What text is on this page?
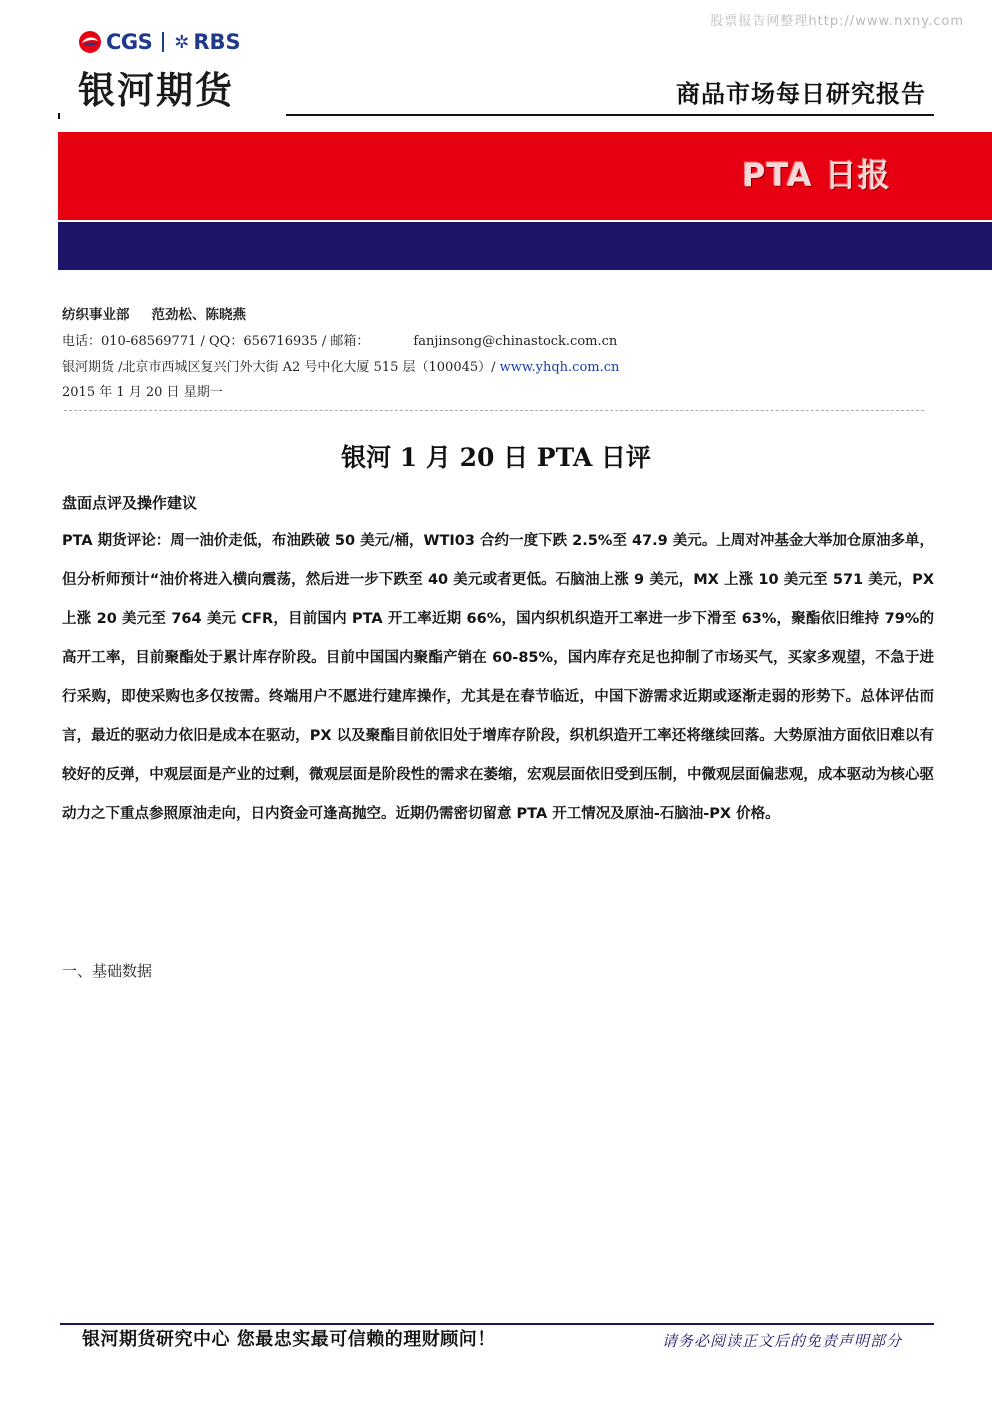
股票报告网整理http://www.nxny.com
CGS ✲ RBS
银河期货	商品市场每日研究报告
PTA 日报
纺织事业部 范劲松、陈晓燕
电话：010-68569771 / QQ：656716935 / 邮箱：	fanjinsong@chinastock.com.cn
银河期货 /北京市西城区复兴门外大街 A2 号中化大厦 515 层（100045）/ www.yhqh.com.cn
2015 年 1 月 20 日 星期一
银河 1 月 20 日 PTA 日评
盘面点评及操作建议
PTA 期货评论：周一油价走低，布油跌破 50 美元/桶，WTI03 合约一度下跌 2.5%至 47.9 美元。上周对冲基金大举加仓原油多单，但分析师预计“油价将进入横向震荡，然后进一步下跌至 40 美元或者更低。石脑油上涨 9 美元，MX 上涨 10 美元至 571 美元，PX 上涨 20 美元至 764 美元 CFR，目前国内 PTA 开工率近期 66%，国内织机织造开工率进一步下滑至 63%，聚酯依旧维持 79%的高开工率，目前聚酯处于累计库存阶段。目前中国国内聚酯产销在 60-85%，国内库存充足也抑制了市场买气，买家多观望，不急于进行采购，即使采购也多仅按需。终端用户不愿进行建库操作，尤其是在春节临近，中国下游需求近期或逐渐走弱的形势下。总体评估而言，最近的驱动力依旧是成本在驱动，PX 以及聚酯目前依旧处于增库存阶段，织机织造开工率还将继续回落。大势原油方面依旧难以有较好的反弹，中观层面是产业的过剩，微观层面是阶段性的需求在萎缩，宏观层面依旧受到压制，中微观层面偏悲观，成本驱动为核心驱动力之下重点参照原油走向，日内资金可逢高抛空。近期仍需密切留意 PTA 开工情况及原油-石脑油-PX 价格。
一、基础数据
银河期货研究中心 您最忠实最可信赖的理财顾问！	请务必阅读正文后的免责声明部分
